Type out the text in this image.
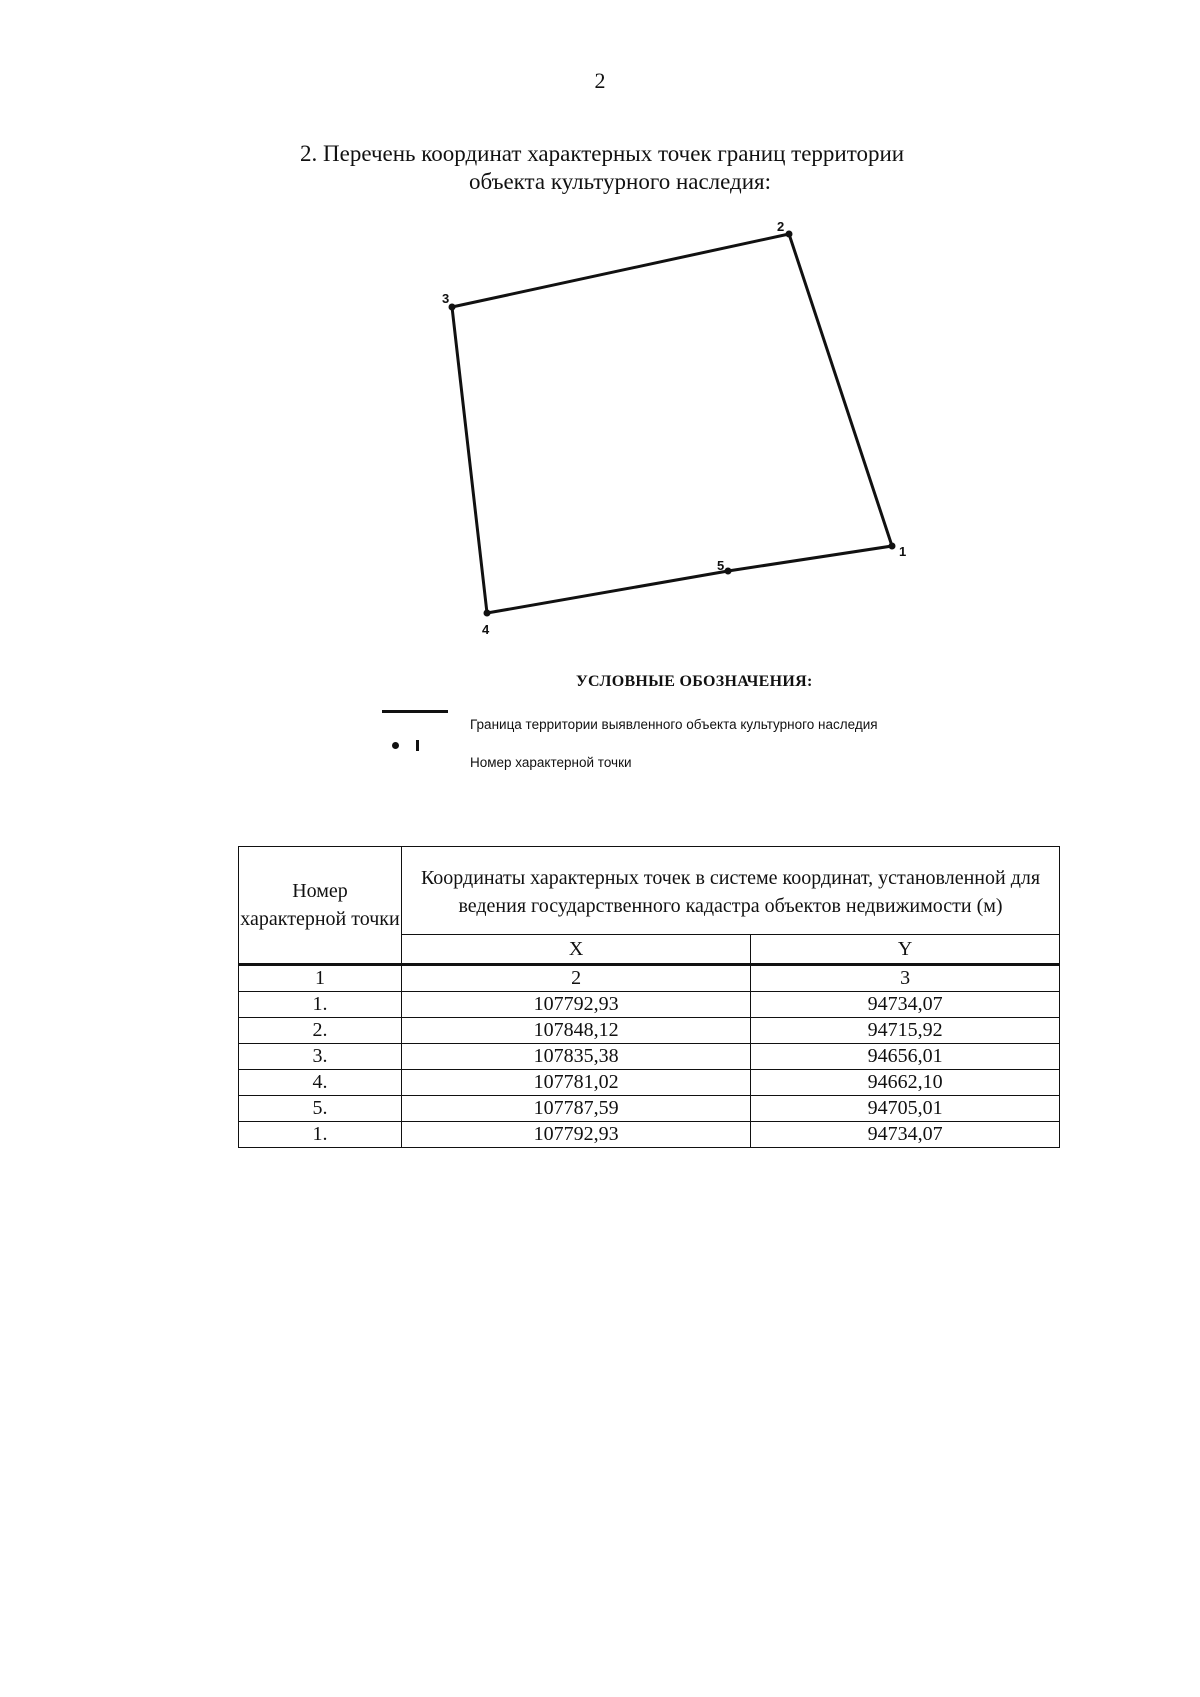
2
2. Перечень координат характерных точек границ территории
объекта культурного наследия:
1
2
3
4
5
УСЛОВНЫЕ ОБОЗНАЧЕНИЯ:
Граница территории выявленного объекта культурного наследия
Номер характерной точки
Номер характерной точки	Координаты характерных точек в системе координат, установленной для ведения государственного кадастра объектов недвижимости (м)	
	X	Y
1	2	3
1.	107792,93	94734,07
2.	107848,12	94715,92
3.	107835,38	94656,01
4.	107781,02	94662,10
5.	107787,59	94705,01
1.	107792,93	94734,07
